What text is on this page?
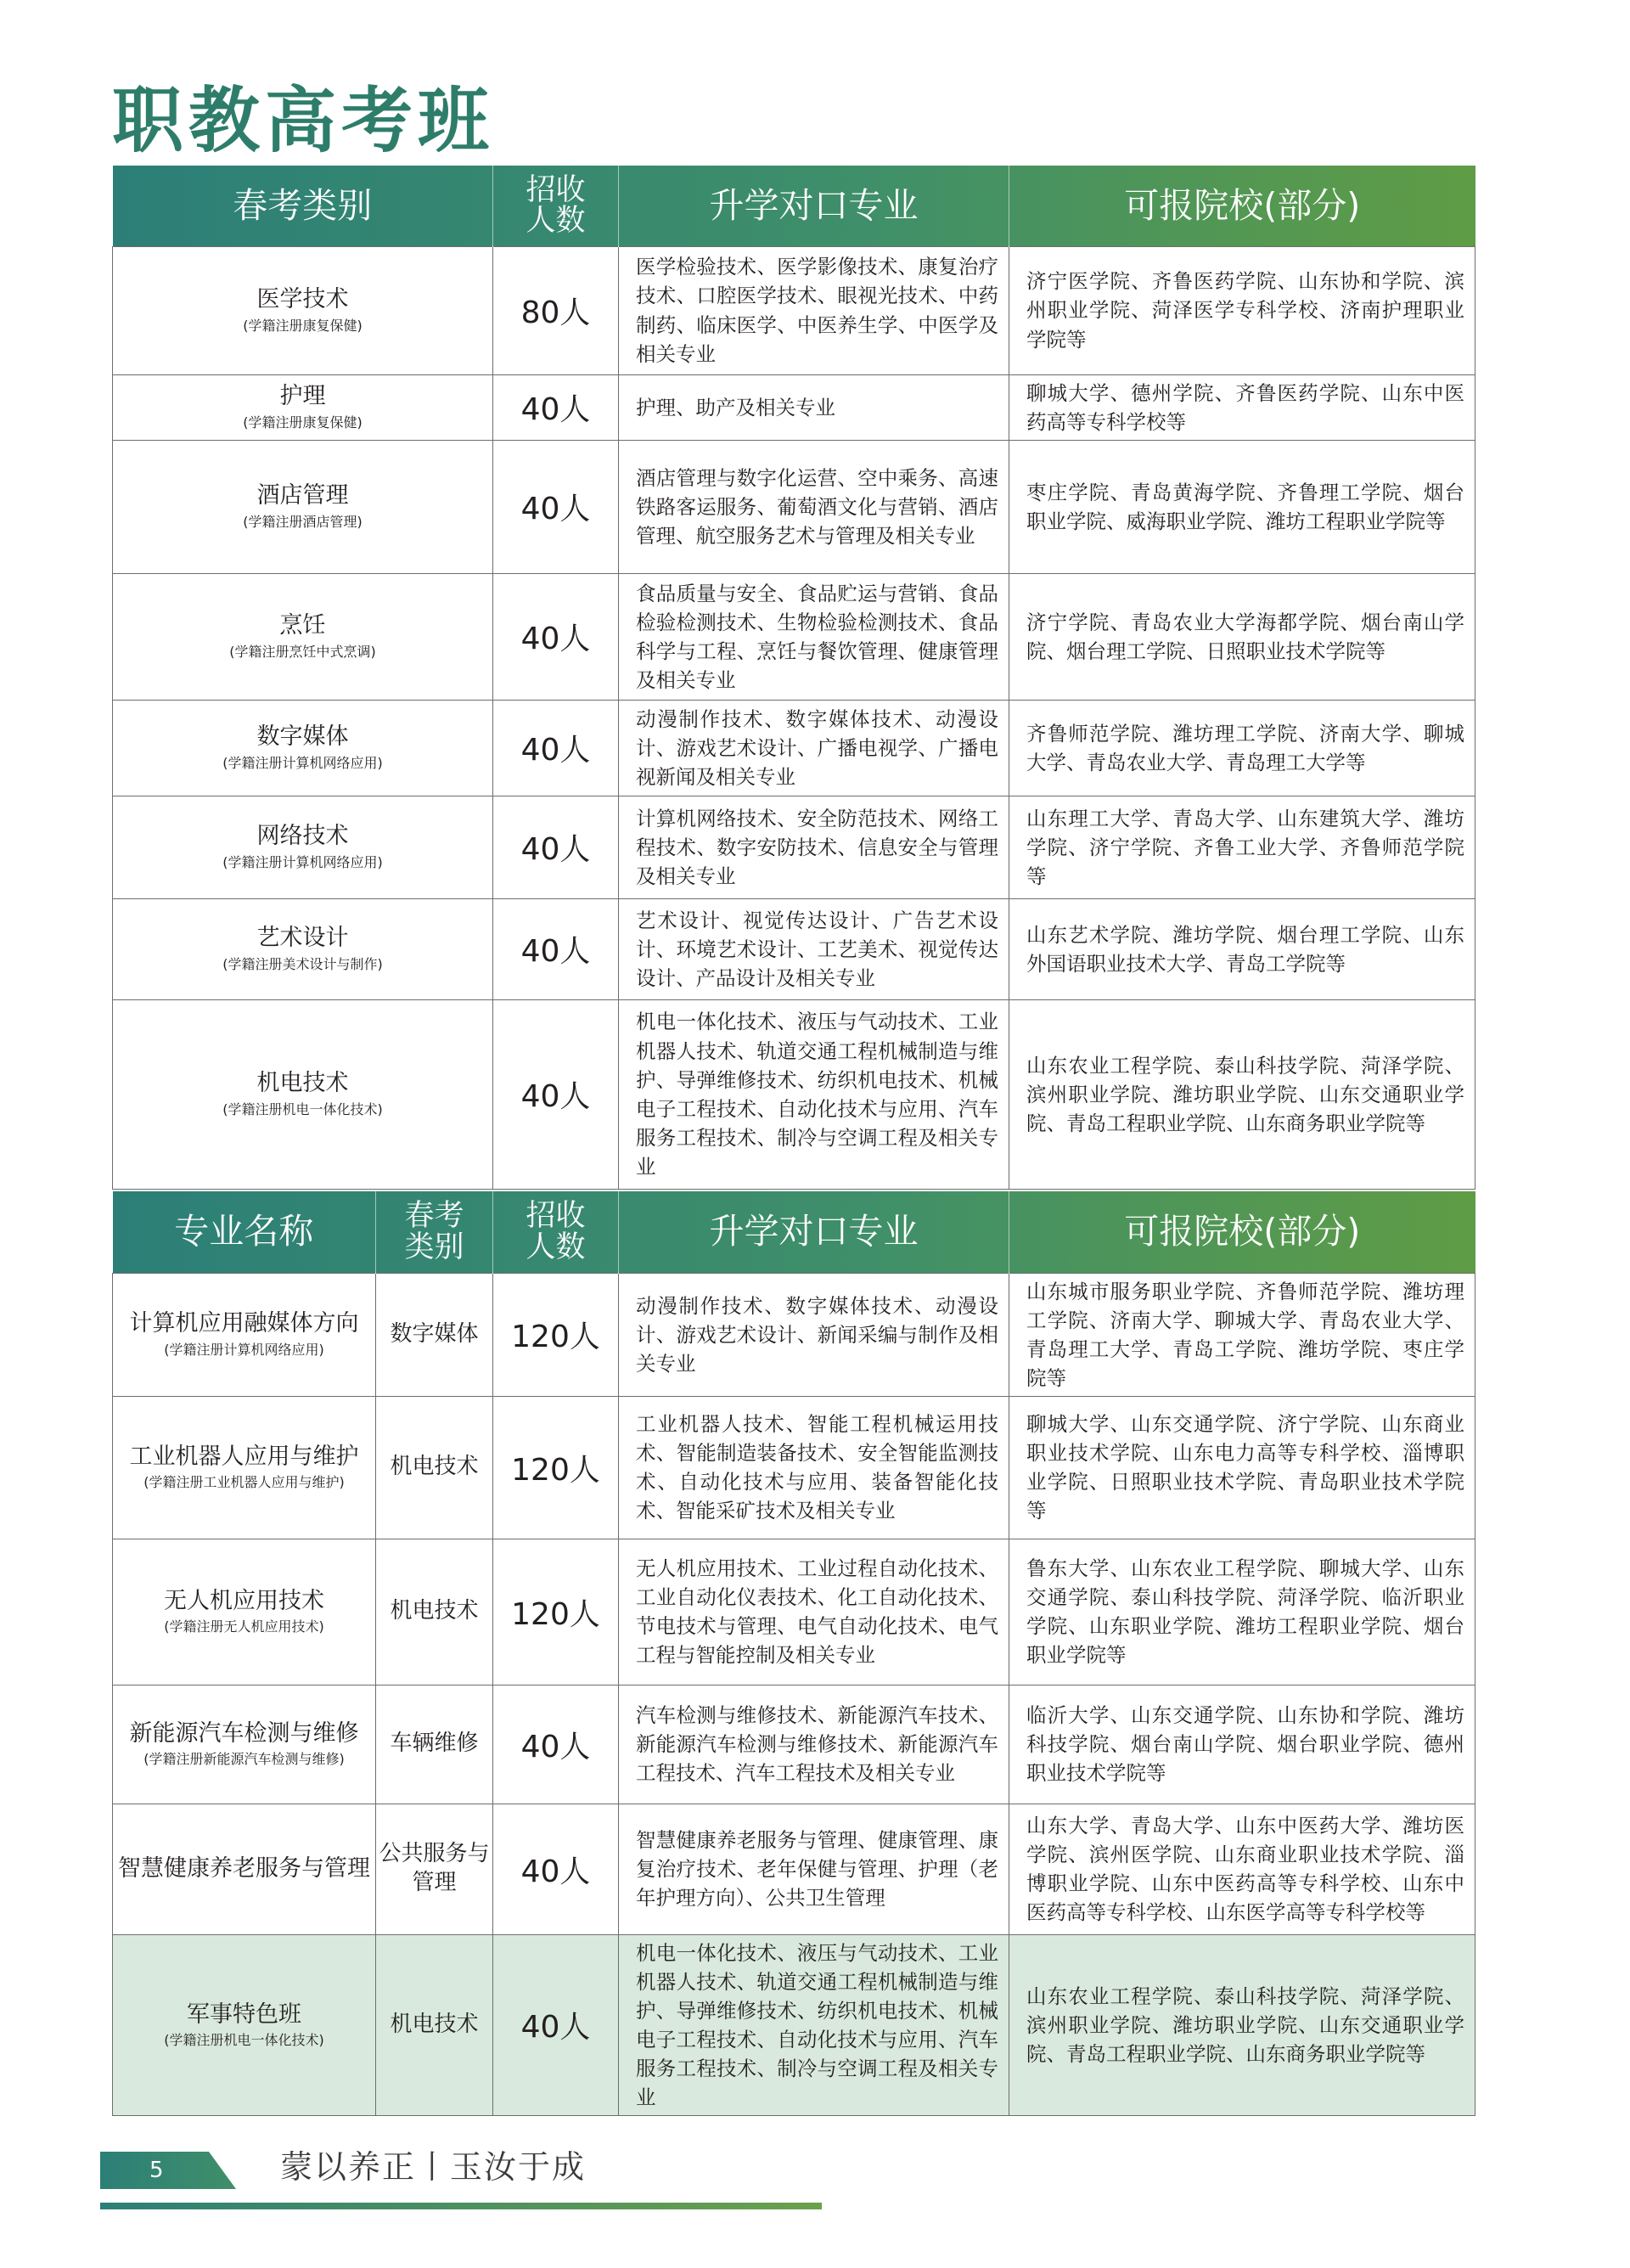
职教高考班
春考类别	招收人数	升学对口专业	可报院校(部分)

医学技术
(学籍注册康复保健)	80人	医学检验技术、医学影像技术、康复治疗技术、口腔医学技术、眼视光技术、中药制药、临床医学、中医养生学、中医学及相关专业	济宁医学院、齐鲁医药学院、山东协和学院、滨州职业学院、菏泽医学专科学校、济南护理职业学院等

护理
(学籍注册康复保健)	40人	护理、助产及相关专业	聊城大学、德州学院、齐鲁医药学院、山东中医药高等专科学校等

酒店管理
(学籍注册酒店管理)	40人	酒店管理与数字化运营、空中乘务、高速铁路客运服务、葡萄酒文化与营销、酒店管理、航空服务艺术与管理及相关专业	枣庄学院、青岛黄海学院、齐鲁理工学院、烟台职业学院、威海职业学院、潍坊工程职业学院等

烹饪
(学籍注册烹饪中式烹调)	40人	食品质量与安全、食品贮运与营销、食品检验检测技术、生物检验检测技术、食品科学与工程、烹饪与餐饮管理、健康管理及相关专业	济宁学院、青岛农业大学海都学院、烟台南山学院、烟台理工学院、日照职业技术学院等

数字媒体
(学籍注册计算机网络应用)	40人	动漫制作技术、数字媒体技术、动漫设计、游戏艺术设计、广播电视学、广播电视新闻及相关专业	齐鲁师范学院、潍坊理工学院、济南大学、聊城大学、青岛农业大学、青岛理工大学等

网络技术
(学籍注册计算机网络应用)	40人	计算机网络技术、安全防范技术、网络工程技术、数字安防技术、信息安全与管理及相关专业	山东理工大学、青岛大学、山东建筑大学、潍坊学院、济宁学院、齐鲁工业大学、齐鲁师范学院等

艺术设计
(学籍注册美术设计与制作)	40人	艺术设计、视觉传达设计、广告艺术设计、环境艺术设计、工艺美术、视觉传达设计、产品设计及相关专业	山东艺术学院、潍坊学院、烟台理工学院、山东外国语职业技术大学、青岛工学院等

机电技术
(学籍注册机电一体化技术)	40人	机电一体化技术、液压与气动技术、工业机器人技术、轨道交通工程机械制造与维护、导弹维修技术、纺织机电技术、机械电子工程技术、自动化技术与应用、汽车服务工程技术、制冷与空调工程及相关专业	山东农业工程学院、泰山科技学院、菏泽学院、滨州职业学院、潍坊职业学院、山东交通职业学院、青岛工程职业学院、山东商务职业学院等
专业名称	春考类别	招收人数	升学对口专业	可报院校(部分)

计算机应用融媒体方向
(学籍注册计算机网络应用)	数字媒体	120人	动漫制作技术、数字媒体技术、动漫设计、游戏艺术设计、新闻采编与制作及相关专业	山东城市服务职业学院、齐鲁师范学院、潍坊理工学院、济南大学、聊城大学、青岛农业大学、青岛理工大学、青岛工学院、潍坊学院、枣庄学院等

工业机器人应用与维护
(学籍注册工业机器人应用与维护)	机电技术	120人	工业机器人技术、智能工程机械运用技术、智能制造装备技术、安全智能监测技术、自动化技术与应用、装备智能化技术、智能采矿技术及相关专业	聊城大学、山东交通学院、济宁学院、山东商业职业技术学院、山东电力高等专科学校、淄博职业学院、日照职业技术学院、青岛职业技术学院等

无人机应用技术
(学籍注册无人机应用技术)	机电技术	120人	无人机应用技术、工业过程自动化技术、工业自动化仪表技术、化工自动化技术、节电技术与管理、电气自动化技术、电气工程与智能控制及相关专业	鲁东大学、山东农业工程学院、聊城大学、山东交通学院、泰山科技学院、菏泽学院、临沂职业学院、山东职业学院、潍坊工程职业学院、烟台职业学院等

新能源汽车检测与维修
(学籍注册新能源汽车检测与维修)	车辆维修	40人	汽车检测与维修技术、新能源汽车技术、新能源汽车检测与维修技术、新能源汽车工程技术、汽车工程技术及相关专业	临沂大学、山东交通学院、山东协和学院、潍坊科技学院、烟台南山学院、烟台职业学院、德州职业技术学院等

智慧健康养老服务与管理	公共服务与管理	40人	智慧健康养老服务与管理、健康管理、康复治疗技术、老年保健与管理、护理（老年护理方向）、公共卫生管理	山东大学、青岛大学、山东中医药大学、潍坊医学院、滨州医学院、山东商业职业技术学院、淄博职业学院、山东中医药高等专科学校、山东中医药高等专科学校、山东医学高等专科学校等

军事特色班
(学籍注册机电一体化技术)	机电技术	40人	机电一体化技术、液压与气动技术、工业机器人技术、轨道交通工程机械制造与维护、导弹维修技术、纺织机电技术、机械电子工程技术、自动化技术与应用、汽车服务工程技术、制冷与空调工程及相关专业	山东农业工程学院、泰山科技学院、菏泽学院、滨州职业学院、潍坊职业学院、山东交通职业学院、青岛工程职业学院、山东商务职业学院等
5	蒙以养正丨玉汝于成
